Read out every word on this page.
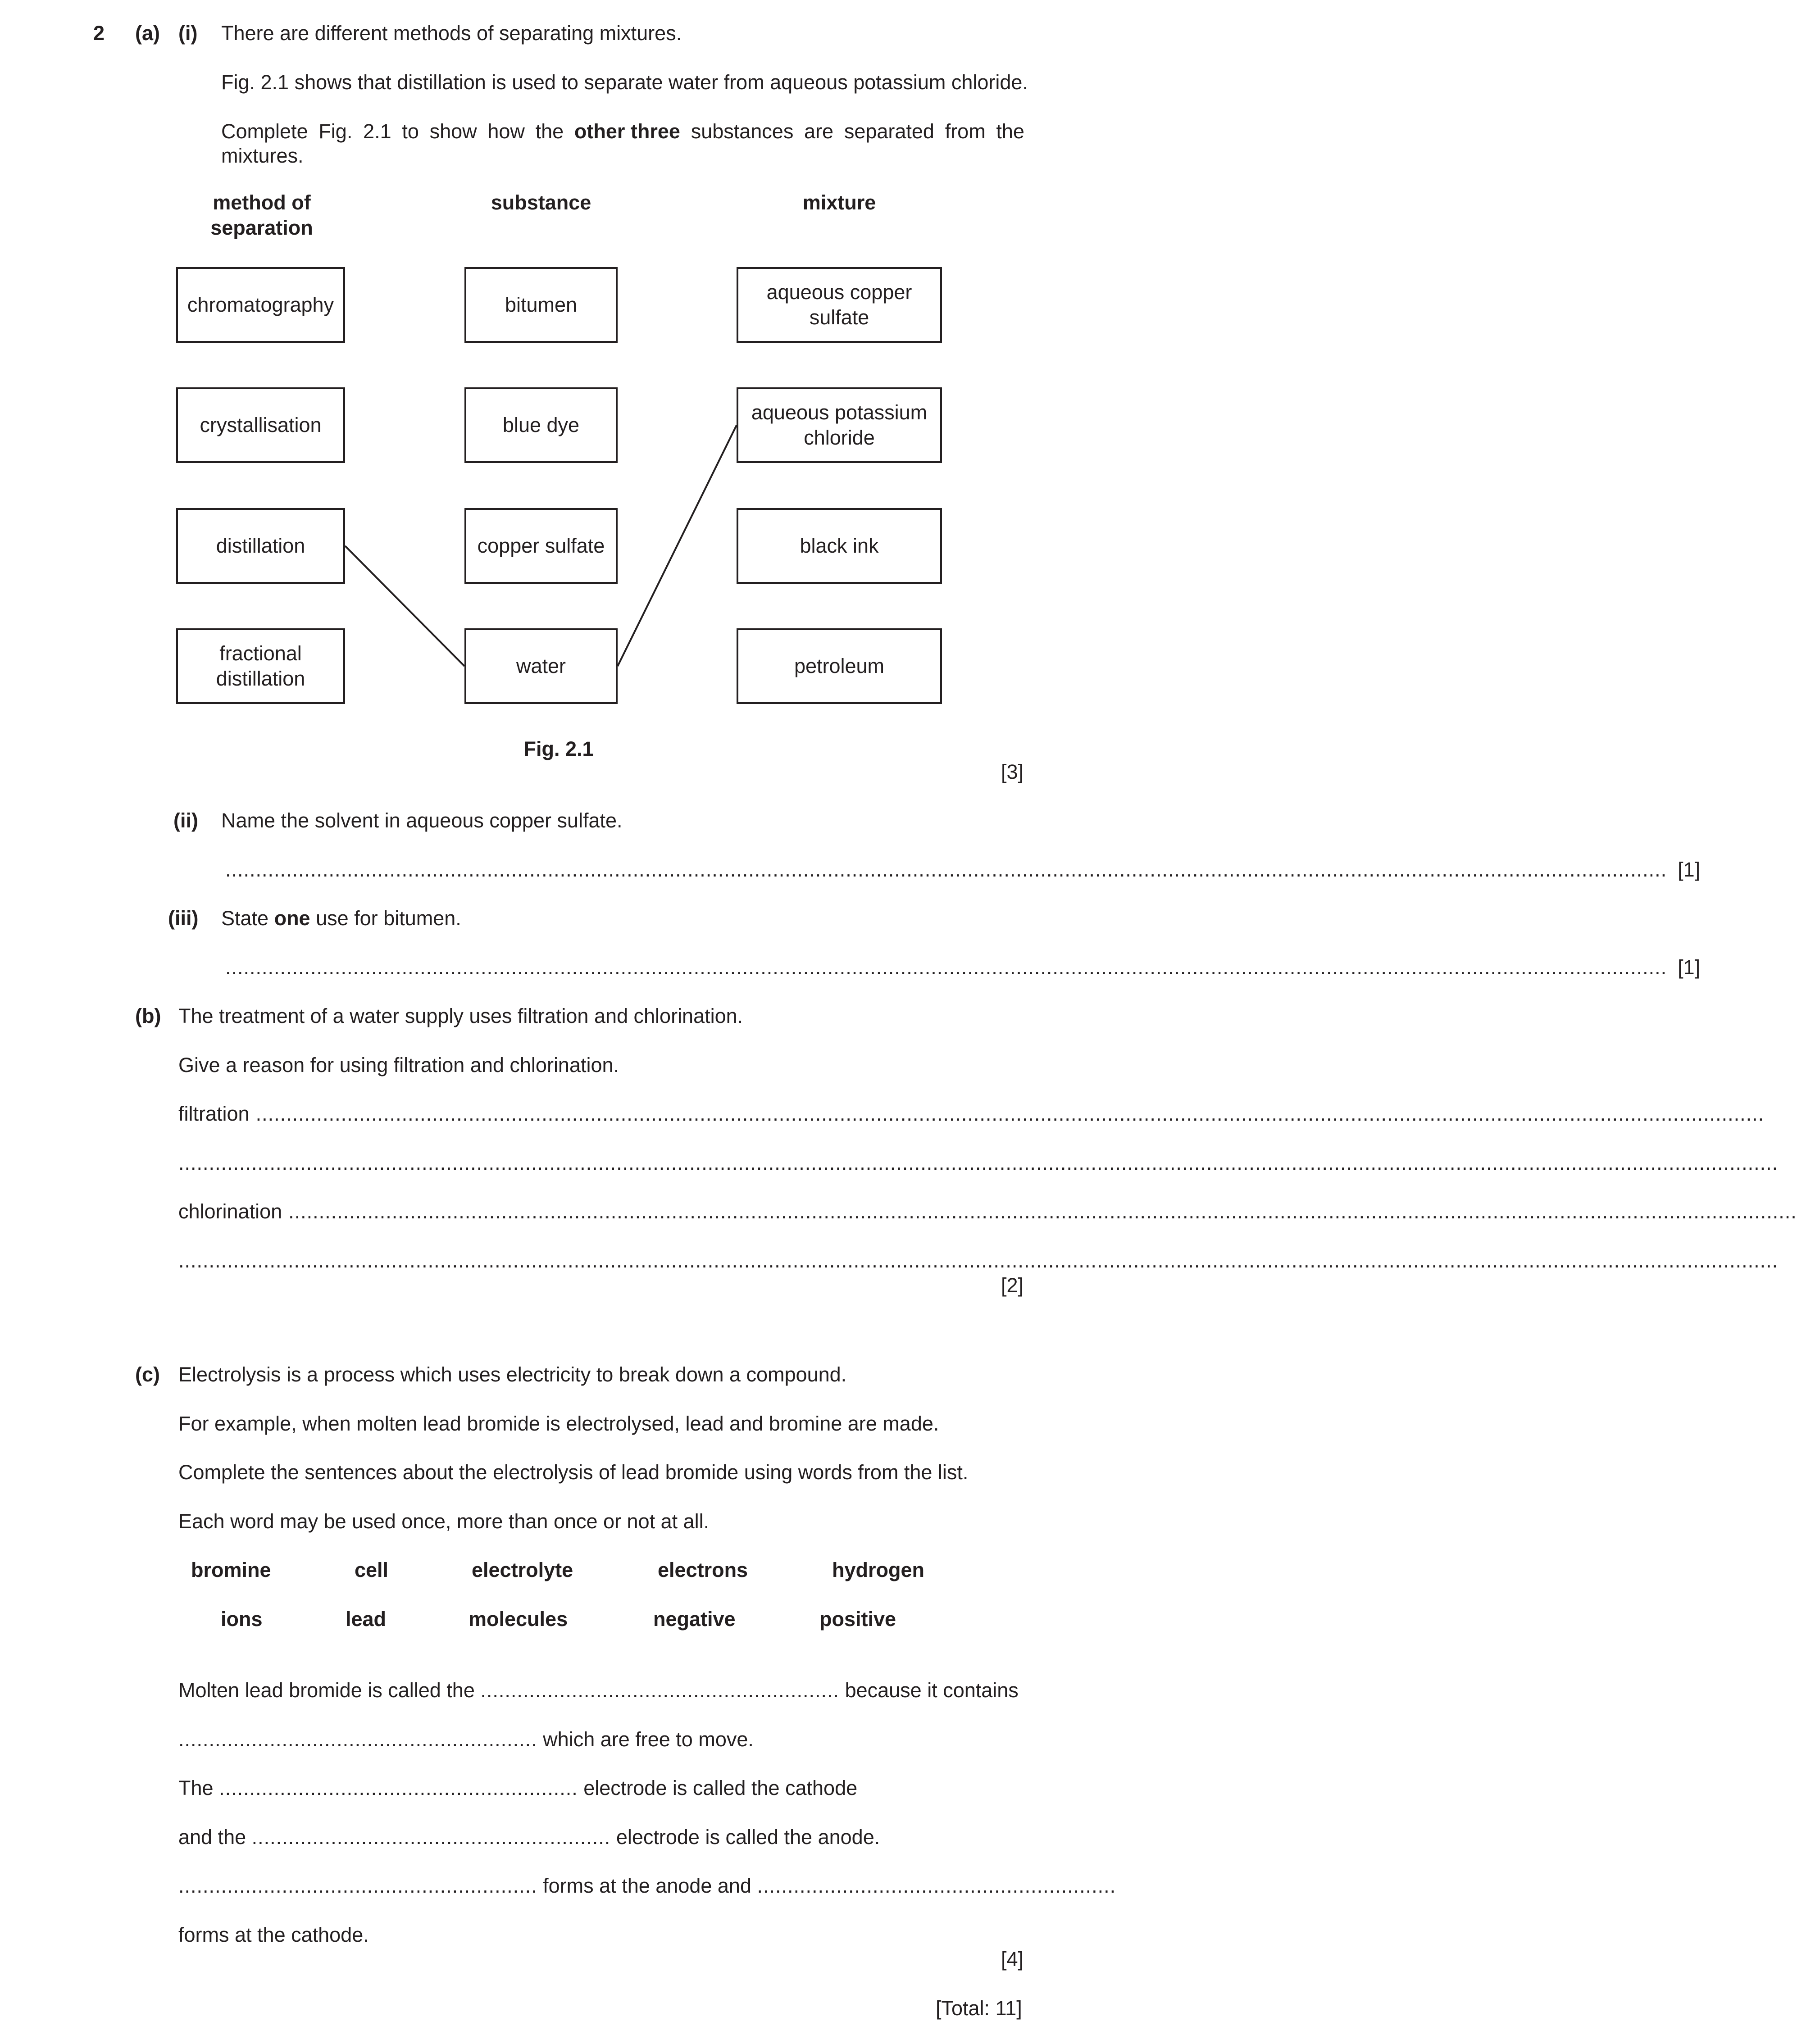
2 (a) (i) There are different methods of separating mixtures.
Fig. 2.1 shows that distillation is used to separate water from aqueous potassium chloride.
Complete Fig. 2.1 to show how the other three substances are separated from the
mixtures.
method of
separation
substance	mixture
chromatography
crystallisation
distillation
fractional
distillation
bitumen
blue dye
copper sulfate
water
aqueous copper
sulfate
aqueous potassium
chloride
black ink
petroleum
Fig. 2.1
[3]
(ii) Name the solvent in aqueous copper sulfate.
............................................................................................................................................................................................................................................. [1]
(iii) State one use for bitumen.
............................................................................................................................................................................................................................................. [1]
(b) The treatment of a water supply uses filtration and chlorination.
Give a reason for using filtration and chlorination.
filtration ........................................................................................................................................................................................................................................................
.......................................................................................................................................................................................................................................................................
chlorination ........................................................................................................................................................................................................................................................
.......................................................................................................................................................................................................................................................................
[2]
(c) Electrolysis is a process which uses electricity to break down a compound.
For example, when molten lead bromide is electrolysed, lead and bromine are made.
Complete the sentences about the electrolysis of lead bromide using words from the list.
Each word may be used once, more than once or not at all.
bromine	cell	electrolyte	electrons	hydrogen
ions	lead	molecules	negative	positive
Molten lead bromide is called the ........................................................... because it contains
........................................................... which are free to move.
The ........................................................... electrode is called the cathode
and the ........................................................... electrode is called the anode.
........................................................... forms at the anode and ...........................................................
forms at the cathode.
[4]
[Total: 11]
